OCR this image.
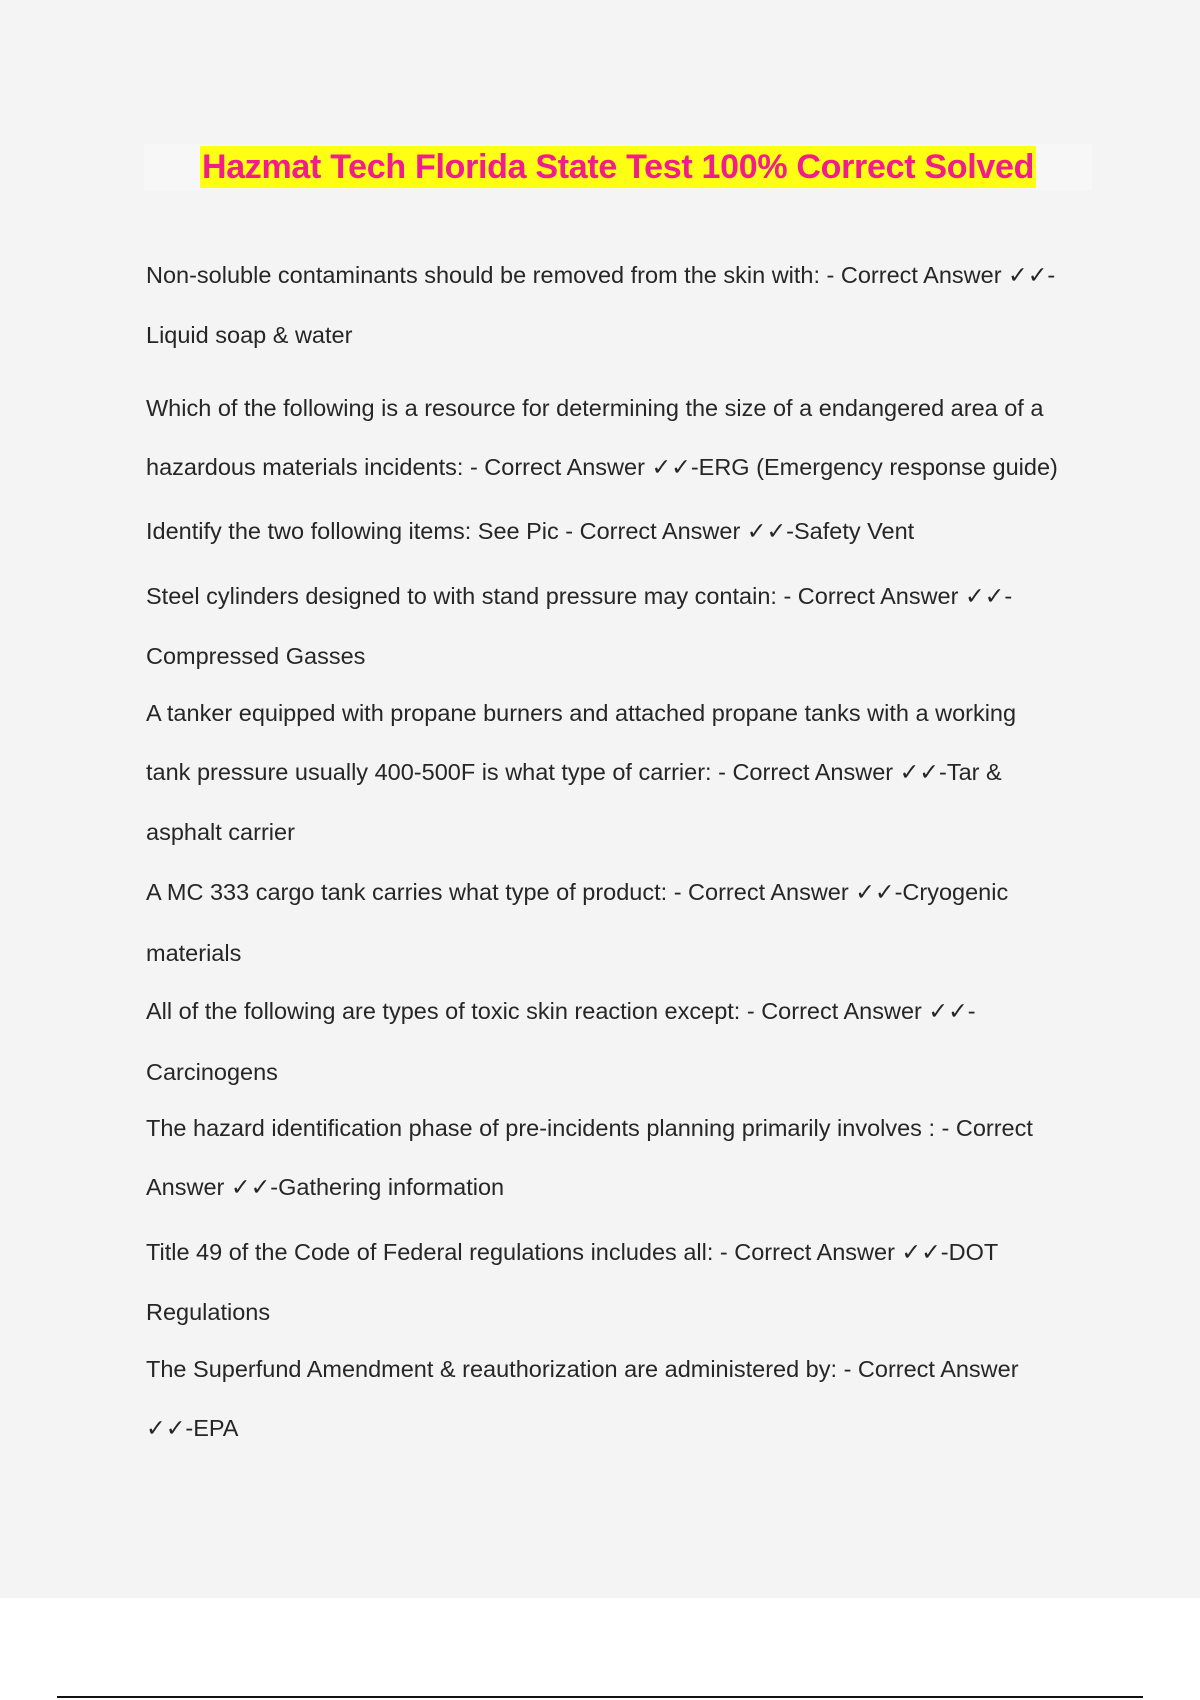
Hazmat Tech Florida State Test 100% Correct Solved
Non-soluble contaminants should be removed from the skin with: - Correct Answer ✓✓-
Liquid soap & water
Which of the following is a resource for determining the size of a endangered area of a
hazardous materials incidents: - Correct Answer ✓✓-ERG (Emergency response guide)
Identify the two following items: See Pic - Correct Answer ✓✓-Safety Vent
Steel cylinders designed to with stand pressure may contain: - Correct Answer ✓✓-
Compressed Gasses
A tanker equipped with propane burners and attached propane tanks with a working
tank pressure usually 400-500F is what type of carrier: - Correct Answer ✓✓-Tar &
asphalt carrier
A MC 333 cargo tank carries what type of product: - Correct Answer ✓✓-Cryogenic
materials
All of the following are types of toxic skin reaction except: - Correct Answer ✓✓-
Carcinogens
The hazard identification phase of pre-incidents planning primarily involves : - Correct
Answer ✓✓-Gathering information
Title 49 of the Code of Federal regulations includes all: - Correct Answer ✓✓-DOT
Regulations
The Superfund Amendment & reauthorization are administered by: - Correct Answer
✓✓-EPA
